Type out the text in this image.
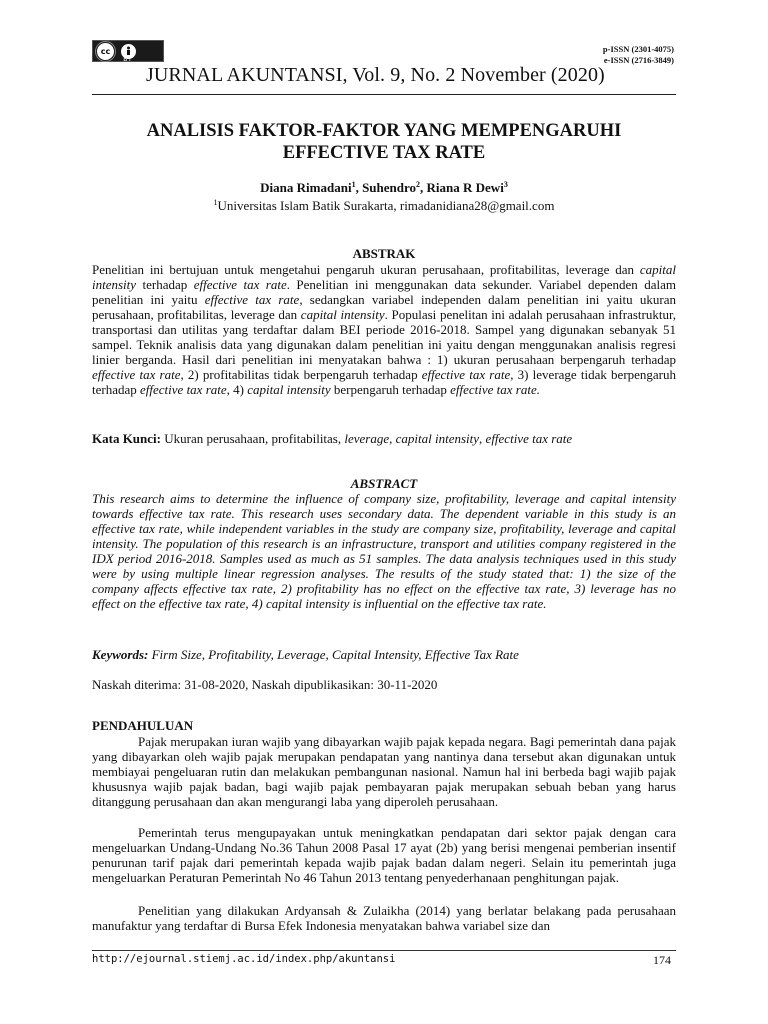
cc
BY
p-ISSN (2301-4075)
e-ISSN (2716-3849)
JURNAL AKUNTANSI, Vol. 9, No. 2 November (2020)
ANALISIS FAKTOR-FAKTOR YANG MEMPENGARUHI
EFFECTIVE TAX RATE
Diana Rimadani$^1$, Suhendro$^2$, Riana R Dewi$^3$
$^1$Universitas Islam Batik Surakarta, rimadanidiana28@gmail.com
ABSTRAK
Penelitian ini bertujuan untuk mengetahui pengaruh ukuran perusahaan, profitabilitas, leverage dan capital intensity terhadap effective tax rate. Penelitian ini menggunakan data sekunder. Variabel dependen dalam penelitian ini yaitu effective tax rate, sedangkan variabel independen dalam penelitian ini yaitu ukuran perusahaan, profitabilitas, leverage dan capital intensity. Populasi penelitan ini adalah perusahaan infrastruktur, transportasi dan utilitas yang terdaftar dalam BEI periode 2016-2018. Sampel yang digunakan sebanyak 51 sampel. Teknik analisis data yang digunakan dalam penelitian ini yaitu dengan menggunakan analisis regresi linier berganda. Hasil dari penelitian ini menyatakan bahwa : 1) ukuran perusahaan berpengaruh terhadap effective tax rate, 2) profitabilitas tidak berpengaruh terhadap effective tax rate, 3) leverage tidak berpengaruh terhadap effective tax rate, 4) capital intensity berpengaruh terhadap effective tax rate.
Kata Kunci: Ukuran perusahaan, profitabilitas, leverage, capital intensity, effective tax rate
ABSTRACT
This research aims to determine the influence of company size, profitability, leverage and capital intensity towards effective tax rate. This research uses secondary data. The dependent variable in this study is an effective tax rate, while independent variables in the study are company size, profitability, leverage and capital intensity. The population of this research is an infrastructure, transport and utilities company registered in the IDX period 2016-2018. Samples used as much as 51 samples. The data analysis techniques used in this study were by using multiple linear regression analyses. The results of the study stated that: 1) the size of the company affects effective tax rate, 2) profitability has no effect on the effective tax rate, 3) leverage has no effect on the effective tax rate, 4) capital intensity is influential on the effective tax rate.
Keywords: Firm Size, Profitability, Leverage, Capital Intensity, Effective Tax Rate
Naskah diterima: 31-08-2020, Naskah dipublikasikan: 30-11-2020
PENDAHULUAN
Pajak merupakan iuran wajib yang dibayarkan wajib pajak kepada negara. Bagi pemerintah dana pajak yang dibayarkan oleh wajib pajak merupakan pendapatan yang nantinya dana tersebut akan digunakan untuk membiayai pengeluaran rutin dan melakukan pembangunan nasional. Namun hal ini berbeda bagi wajib pajak khususnya wajib pajak badan, bagi wajib pajak pembayaran pajak merupakan sebuah beban yang harus ditanggung perusahaan dan akan mengurangi laba yang diperoleh perusahaan.
Pemerintah terus mengupayakan untuk meningkatkan pendapatan dari sektor pajak dengan cara mengeluarkan Undang-Undang No.36 Tahun 2008 Pasal 17 ayat (2b) yang berisi mengenai pemberian insentif penurunan tarif pajak dari pemerintah kepada wajib pajak badan dalam negeri. Selain itu pemerintah juga mengeluarkan Peraturan Pemerintah No 46 Tahun 2013 tentang penyederhanaan penghitungan pajak.
Penelitian yang dilakukan Ardyansah & Zulaikha (2014) yang berlatar belakang pada perusahaan manufaktur yang terdaftar di Bursa Efek Indonesia menyatakan bahwa variabel size dan
http://ejournal.stiemj.ac.id/index.php/akuntansi	174
